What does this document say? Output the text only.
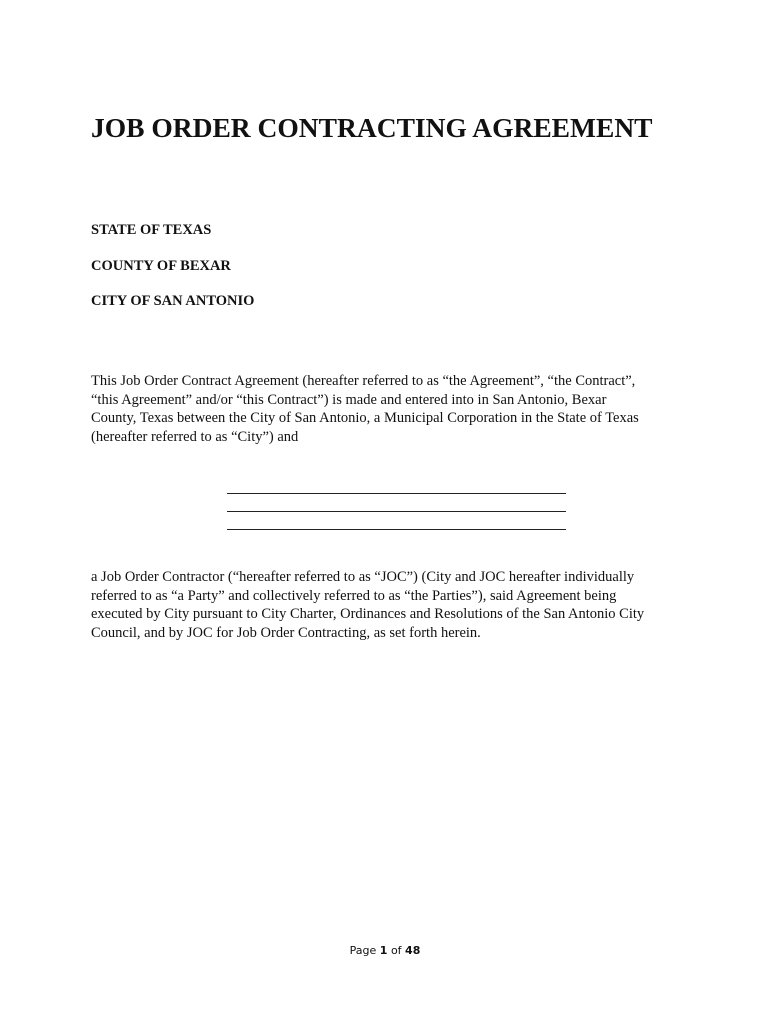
JOB ORDER CONTRACTING AGREEMENT
STATE OF TEXAS
COUNTY OF BEXAR
CITY OF SAN ANTONIO

This Job Order Contract Agreement (hereafter referred to as “the Agreement”, “the Contract”,
“this Agreement” and/or “this Contract”) is made and entered into in San Antonio, Bexar
County, Texas between the City of San Antonio, a Municipal Corporation in the State of Texas
(hereafter referred to as “City”) and

a Job Order Contractor (“hereafter referred to as “JOC”) (City and JOC hereafter individually
referred to as “a Party” and collectively referred to as “the Parties”), said Agreement being
executed by City pursuant to City Charter, Ordinances and Resolutions of the San Antonio City
Council, and by JOC for Job Order Contracting, as set forth herein.

Page 1 of 48
